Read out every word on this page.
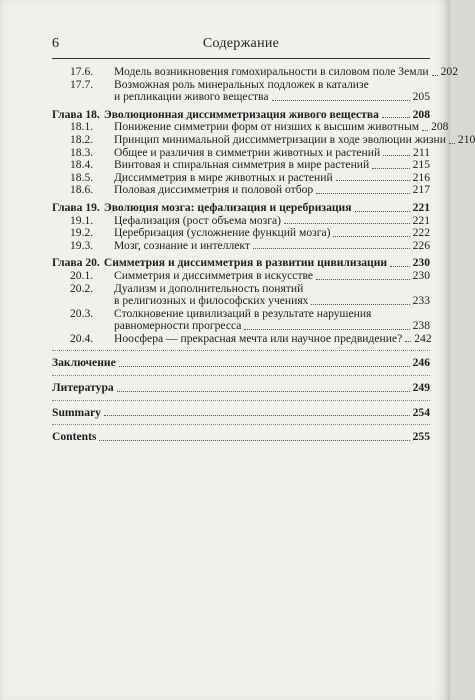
6	Содержание
17.6.	Модель возникновения гомохиральности в силовом поле Земли 202
17.7.	Возможная роль минеральных подложек в катализе
и репликации живого вещества	205
Глава 18. Эволюционная диссимметризация живого вещества	208
18.1.	Понижение симметрии форм от низших к высшим животным 208
18.2.	Принцип минимальной диссимметризации в ходе эволюции жизни 210
18.3.	Общее и различия в симметрии животных и растений	211
18.4.	Винтовая и спиральная симметрия в мире растений	215
18.5.	Диссимметрия в мире животных и растений	216
18.6.	Половая диссимметрия и половой отбор	217
Глава 19. Эволюция мозга: цефализация и церебризация	221
19.1.	Цефализация (рост объема мозга)	221
19.2.	Церебризация (усложнение функций мозга)	222
19.3.	Мозг, сознание и интеллект	226
Глава 20. Симметрия и диссимметрия в развитии цивилизации 230
20.1.	Симметрия и диссимметрия в искусстве	230
20.2.	Дуализм и дополнительность понятий
в религиозных и философских учениях	233
20.3.	Столкновение цивилизаций в результате нарушения
равномерности прогресса	238
20.4.	Ноосфера — прекрасная мечта или научное предвидение? 242
Заключение	246
Литература	249
Summary	254
Contents	255
